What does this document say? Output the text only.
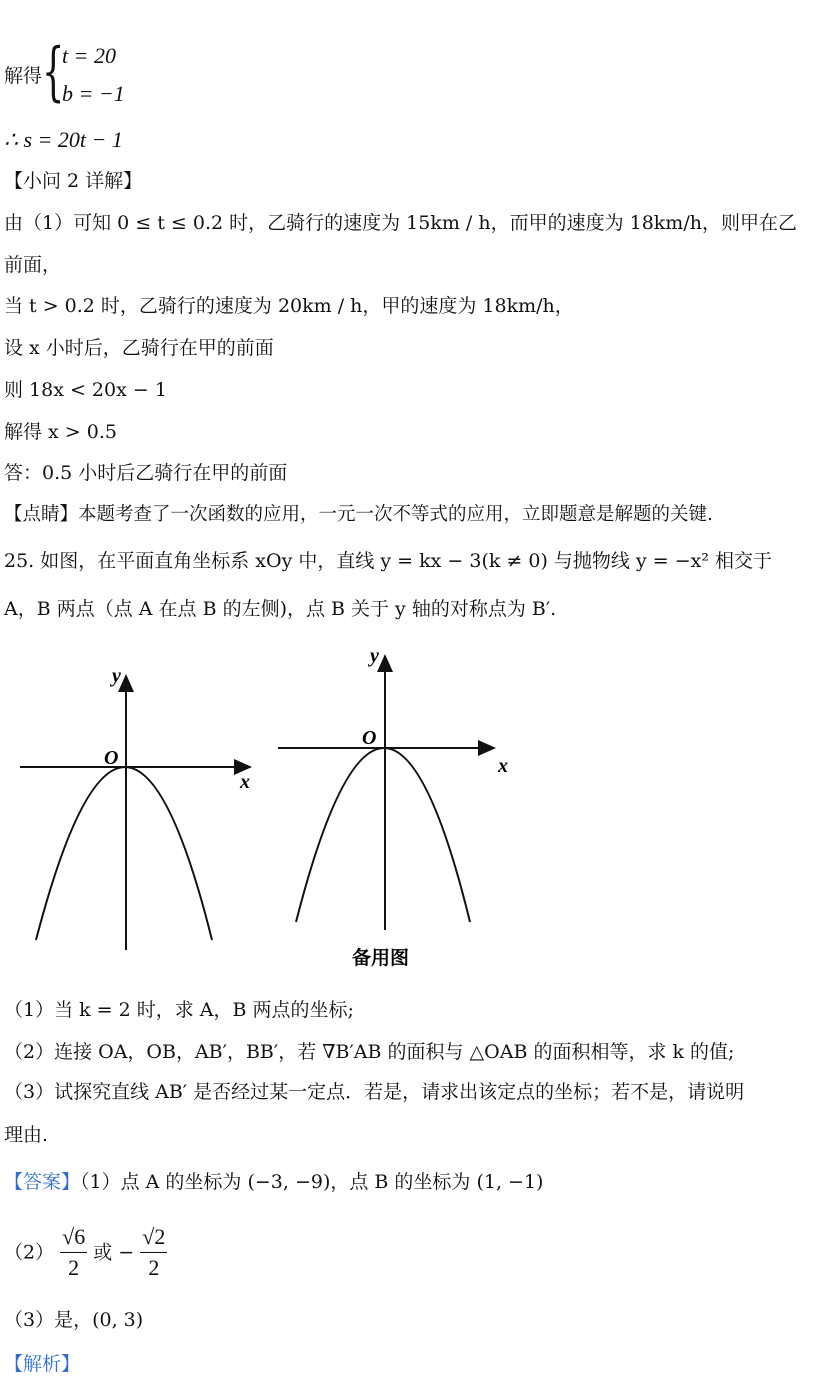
解得 {
t = 20
b = −1
∴ s = 20t − 1
【小问 2 详解】
由（1）可知 0 ≤ t ≤ 0.2 时，乙骑行的速度为 15km / h，而甲的速度为 18km/h，则甲在乙
前面，
当 t > 0.2 时，乙骑行的速度为 20km / h，甲的速度为 18km/h，
设 x 小时后，乙骑行在甲的前面
则 18x < 20x − 1
解得 x > 0.5
答：0.5 小时后乙骑行在甲的前面
【点睛】本题考查了一次函数的应用，一元一次不等式的应用，立即题意是解题的关键.
25. 如图，在平面直角坐标系 xOy 中，直线 y = kx − 3(k ≠ 0) 与抛物线 y = −x² 相交于
A，B 两点（点 A 在点 B 的左侧)，点 B 关于 y 轴的对称点为 B′.
x
y
O	x
y
O
备用图
（1）当 k = 2 时，求 A，B 两点的坐标;
（2）连接 OA，OB，AB′，BB′，若 ∇B′AB 的面积与 △OAB 的面积相等，求 k 的值;
（3）试探究直线 AB′ 是否经过某一定点．若是，请求出该定点的坐标；若不是，请说明
理由.
【答案】（1）点 A 的坐标为 (−3, −9)，点 B 的坐标为 (1, −1)
$(2) \frac{√6}{2}$ 或 − $\frac{√2}{2}$
（3）是，(0, 3)
【解析】
